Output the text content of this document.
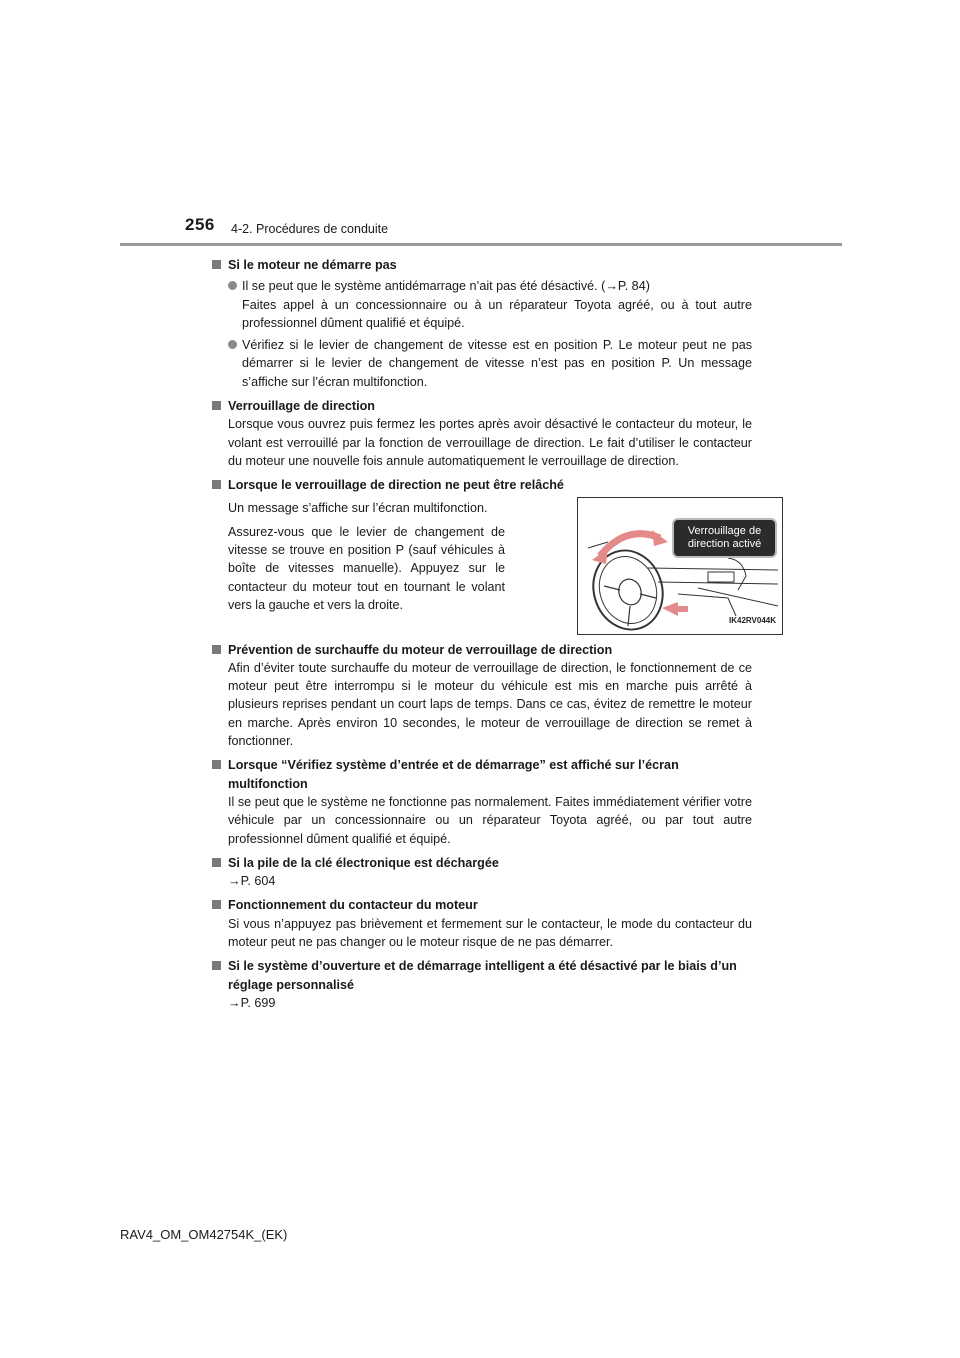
256 4-2. Procédures de conduite
Si le moteur ne démarre pas
Il se peut que le système antidémarrage n’ait pas été désactivé. (→P. 84)
Faites appel à un concessionnaire ou à un réparateur Toyota agréé, ou à tout autre professionnel dûment qualifié et équipé.
Vérifiez si le levier de changement de vitesse est en position P. Le moteur peut ne pas démarrer si le levier de changement de vitesse n’est pas en position P. Un message s’affiche sur l’écran multifonction.
Verrouillage de direction
Lorsque vous ouvrez puis fermez les portes après avoir désactivé le contacteur du moteur, le volant est verrouillé par la fonction de verrouillage de direction. Le fait d’utiliser le contacteur du moteur une nouvelle fois annule automatiquement le verrouillage de direction.
Lorsque le verrouillage de direction ne peut être relâché

Un message s’affiche sur l’écran multifonction.

Assurez-vous que le levier de changement de vitesse se trouve en position P (sauf véhicules à boîte de vitesses manuelle). Appuyez sur le contacteur du moteur tout en tournant le volant vers la gauche et vers la droite.

Verrouillage de
direction activé
IK42RV044K
Prévention de surchauffe du moteur de verrouillage de direction
Afin d’éviter toute surchauffe du moteur de verrouillage de direction, le fonctionnement de ce moteur peut être interrompu si le moteur du véhicule est mis en marche puis arrêté à plusieurs reprises pendant un court laps de temps. Dans ce cas, évitez de remettre le moteur en marche. Après environ 10 secondes, le moteur de verrouillage de direction se remet à fonctionner.
Lorsque “Vérifiez système d’entrée et de démarrage” est affiché sur l’écran multifonction
Il se peut que le système ne fonctionne pas normalement. Faites immédiatement vérifier votre véhicule par un concessionnaire ou un réparateur Toyota agréé, ou par tout autre professionnel dûment qualifié et équipé.
Si la pile de la clé électronique est déchargée
→P. 604
Fonctionnement du contacteur du moteur
Si vous n’appuyez pas brièvement et fermement sur le contacteur, le mode du contacteur du moteur peut ne pas changer ou le moteur risque de ne pas démarrer.
Si le système d’ouverture et de démarrage intelligent a été désactivé par le biais d’un réglage personnalisé
→P. 699
RAV4_OM_OM42754K_(EK)
